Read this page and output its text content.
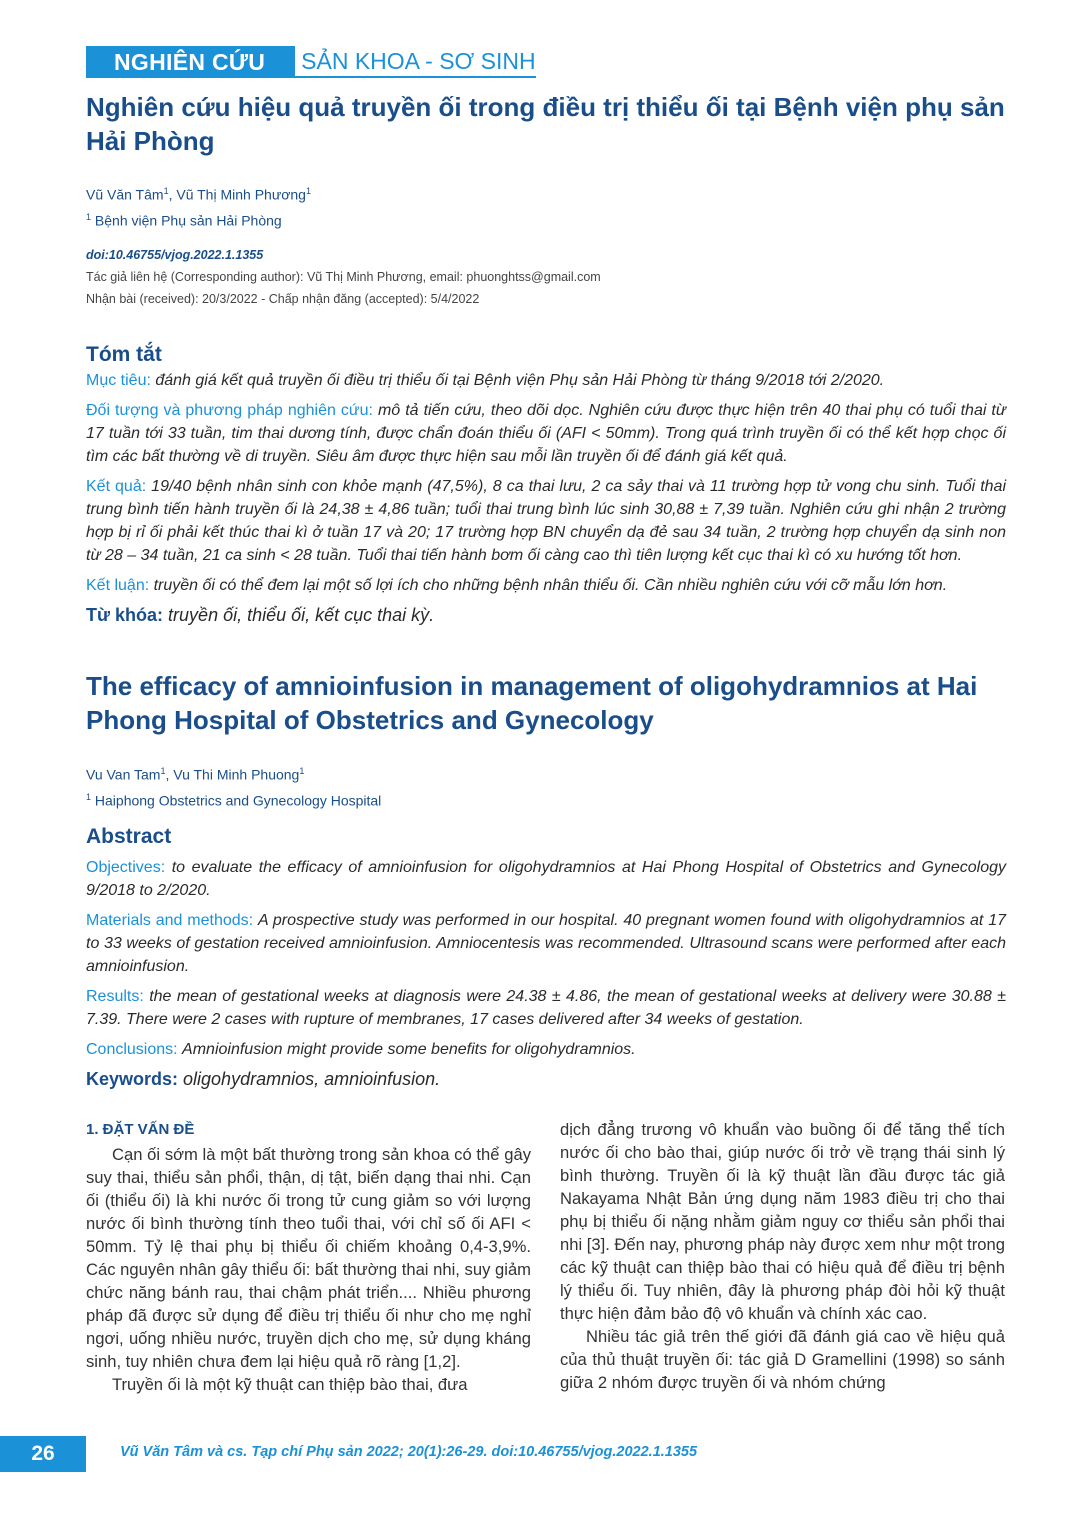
NGHIÊN CỨU	SẢN KHOA - SƠ SINH
Nghiên cứu hiệu quả truyền ối trong điều trị thiểu ối tại Bệnh viện phụ sản Hải Phòng
Vũ Văn Tâm$^1$, Vũ Thị Minh Phương$^1$
$^1$ Bệnh viện Phụ sản Hải Phòng
doi:10.46755/vjog.2022.1.1355
Tác giả liên hệ (Corresponding author): Vũ Thị Minh Phương, email: phuonghtss@gmail.com
Nhận bài (received): 20/3/2022 - Chấp nhận đăng (accepted): 5/4/2022
Tóm tắt

Mục tiêu: đánh giá kết quả truyền ối điều trị thiểu ối tại Bệnh viện Phụ sản Hải Phòng từ tháng 9/2018 tới 2/2020.

Đối tượng và phương pháp nghiên cứu: mô tả tiến cứu, theo dõi dọc. Nghiên cứu được thực hiện trên 40 thai phụ có tuổi thai từ 17 tuần tới 33 tuần, tim thai dương tính, được chẩn đoán thiểu ối (AFI < 50mm). Trong quá trình truyền ối có thể kết hợp chọc ối tìm các bất thường về di truyền. Siêu âm được thực hiện sau mỗi lần truyền ối để đánh giá kết quả.

Kết quả: 19/40 bệnh nhân sinh con khỏe mạnh (47,5%), 8 ca thai lưu, 2 ca sảy thai và 11 trường hợp tử vong chu sinh. Tuổi thai trung bình tiến hành truyền ối là 24,38 ± 4,86 tuần; tuổi thai trung bình lúc sinh 30,88 ± 7,39 tuần. Nghiên cứu ghi nhận 2 trường hợp bị rỉ ối phải kết thúc thai kì ở tuần 17 và 20; 17 trường hợp BN chuyển dạ đẻ sau 34 tuần, 2 trường hợp chuyển dạ sinh non từ 28 – 34 tuần, 21 ca sinh < 28 tuần. Tuổi thai tiến hành bơm ối càng cao thì tiên lượng kết cục thai kì có xu hướng tốt hơn.

Kết luận: truyền ối có thể đem lại một số lợi ích cho những bệnh nhân thiểu ối. Cần nhiều nghiên cứu với cỡ mẫu lớn hơn.

Từ khóa: truyền ối, thiểu ối, kết cục thai kỳ.

The efficacy of amnioinfusion in management of oligohydramnios at Hai Phong Hospital of Obstetrics and Gynecology
Vu Van Tam$^1$, Vu Thi Minh Phuong$^1$
$^1$ Haiphong Obstetrics and Gynecology Hospital
Abstract

Objectives: to evaluate the efficacy of amnioinfusion for oligohydramnios at Hai Phong Hospital of Obstetrics and Gynecology 9/2018 to 2/2020.

Materials and methods: A prospective study was performed in our hospital. 40 pregnant women found with oligohydramnios at 17 to 33 weeks of gestation received amnioinfusion. Amniocentesis was recommended. Ultrasound scans were performed after each amnioinfusion.

Results: the mean of gestational weeks at diagnosis were 24.38 ± 4.86, the mean of gestational weeks at delivery were 30.88 ± 7.39. There were 2 cases with rupture of membranes, 17 cases delivered after 34 weeks of gestation.

Conclusions: Amnioinfusion might provide some benefits for oligohydramnios.

Keywords: oligohydramnios, amnioinfusion.

1. ĐẶT VẤN ĐỀ

Cạn ối sớm là một bất thường trong sản khoa có thể gây suy thai, thiểu sản phổi, thận, dị tật, biến dạng thai nhi. Cạn ối (thiểu ối) là khi nước ối trong tử cung giảm so với lượng nước ối bình thường tính theo tuổi thai, với chỉ số ối AFI < 50mm. Tỷ lệ thai phụ bị thiểu ối chiếm khoảng 0,4-3,9%. Các nguyên nhân gây thiểu ối: bất thường thai nhi, suy giảm chức năng bánh rau, thai chậm phát triển.... Nhiều phương pháp đã được sử dụng để điều trị thiểu ối như cho mẹ nghỉ ngơi, uống nhiều nước, truyền dịch cho mẹ, sử dụng kháng sinh, tuy nhiên chưa đem lại hiệu quả rõ ràng [1,2].

Truyền ối là một kỹ thuật can thiệp bào thai, đưa

dịch đẳng trương vô khuẩn vào buồng ối để tăng thể tích nước ối cho bào thai, giúp nước ối trở về trạng thái sinh lý bình thường. Truyền ối là kỹ thuật lần đầu được tác giả Nakayama Nhật Bản ứng dụng năm 1983 điều trị cho thai phụ bị thiểu ối nặng nhằm giảm nguy cơ thiểu sản phổi thai nhi [3]. Đến nay, phương pháp này được xem như một trong các kỹ thuật can thiệp bào thai có hiệu quả để điều trị bệnh lý thiểu ối. Tuy nhiên, đây là phương pháp đòi hỏi kỹ thuật thực hiện đảm bảo độ vô khuẩn và chính xác cao.

Nhiều tác giả trên thế giới đã đánh giá cao về hiệu quả của thủ thuật truyền ối: tác giả D Gramellini (1998) so sánh giữa 2 nhóm được truyền ối và nhóm chứng

26	Vũ Văn Tâm và cs. Tạp chí Phụ sản 2022; 20(1):26-29. doi:10.46755/vjog.2022.1.1355
